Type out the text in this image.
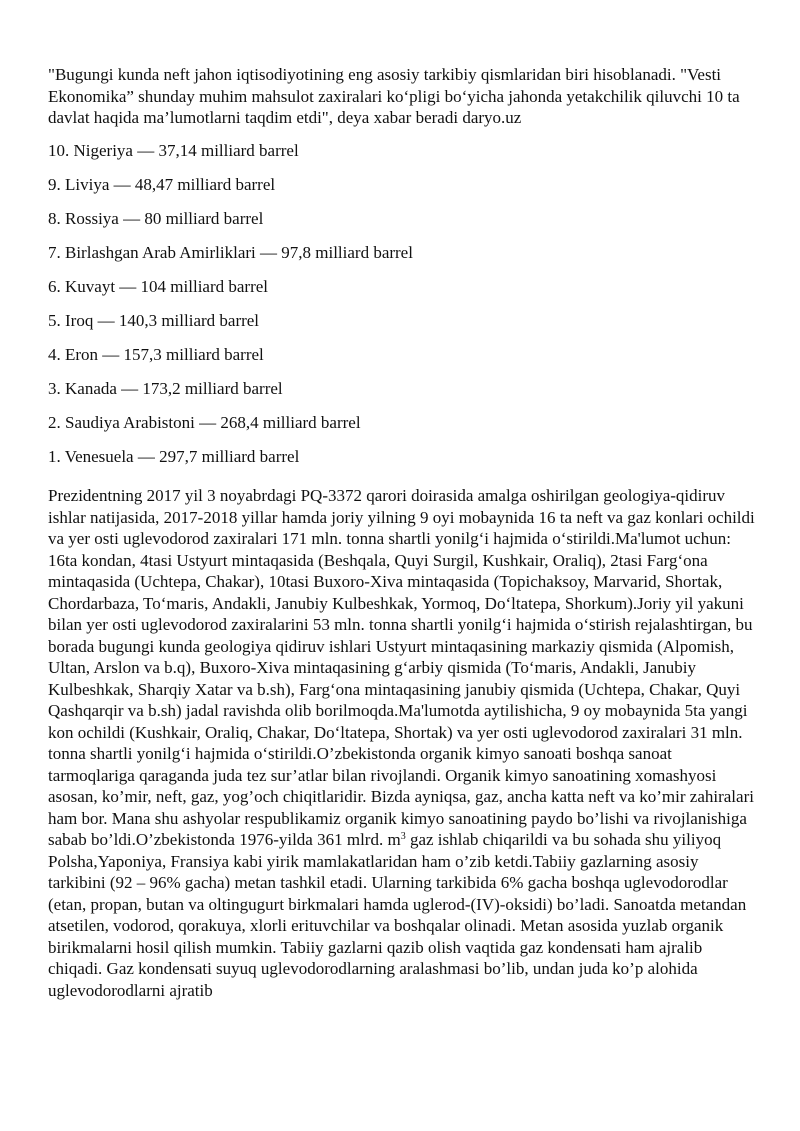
"Bugungi kunda neft jahon iqtisodiyotining eng asosiy tarkibiy qismlaridan biri hisoblanadi. "Vesti Ekonomika” shunday muhim mahsulot zaxiralari ko‘pligi bo‘yicha jahonda yetakchilik qiluvchi 10 ta davlat haqida ma’lumotlarni taqdim etdi", deya xabar beradi daryo.uz

10. Nigeriya — 37,14 milliard barrel
9. Liviya — 48,47 milliard barrel
8. Rossiya — 80 milliard barrel
7. Birlashgan Arab Amirliklari — 97,8 milliard barrel
6. Kuvayt — 104 milliard barrel
5. Iroq — 140,3 milliard barrel
4. Eron — 157,3 milliard barrel
3. Kanada — 173,2 milliard barrel
2. Saudiya Arabistoni — 268,4 milliard barrel
1. Venesuela — 297,7 milliard barrel

Prezidentning 2017 yil 3 noyabrdagi PQ-3372 qarori doirasida amalga oshirilgan geologiya-qidiruv ishlar natijasida, 2017-2018 yillar hamda joriy yilning 9 oyi mobaynida 16 ta neft va gaz konlari ochildi va yer osti uglevodorod zaxiralari 171 mln. tonna shartli yonilg‘i hajmida o‘stirildi.Ma'lumot uchun: 16ta kondan, 4tasi Ustyurt mintaqasida (Beshqala, Quyi Surgil, Kushkair, Oraliq), 2tasi Farg‘ona mintaqasida (Uchtepa, Chakar), 10tasi Buxoro-Xiva mintaqasida (Topichaksoy, Marvarid, Shortak, Chordarbaza, To‘maris, Andakli, Janubiy Kulbeshkak, Yormoq, Do‘ltatepa, Shorkum).Joriy yil yakuni bilan yer osti uglevodorod zaxiralarini 53 mln. tonna shartli yonilg‘i hajmida o‘stirish rejalashtirgan, bu borada bugungi kunda geologiya qidiruv ishlari Ustyurt mintaqasining markaziy qismida (Alpomish, Ultan, Arslon va b.q), Buxoro-Xiva mintaqasining g‘arbiy qismida (To‘maris, Andakli, Janubiy Kulbeshkak, Sharqiy Xatar va b.sh), Farg‘ona mintaqasining janubiy qismida (Uchtepa, Chakar, Quyi Qashqarqir va b.sh) jadal ravishda olib borilmoqda.Ma'lumotda aytilishicha, 9 oy mobaynida 5ta yangi kon ochildi (Kushkair, Oraliq, Chakar, Do‘ltatepa, Shortak) va yer osti uglevodorod zaxiralari 31 mln. tonna shartli yonilg‘i hajmida o‘stirildi.O’zbekistonda organik kimyo sanoati boshqa sanoat tarmoqlariga qaraganda juda tez sur’atlar bilan rivojlandi. Organik kimyo sanoatining xomashyosi asosan, ko’mir, neft, gaz, yog’och chiqitlaridir. Bizda ayniqsa, gaz, ancha katta neft va ko’mir zahiralari ham bor. Mana shu ashyolar respublikamiz organik kimyo sanoatining paydo bo’lishi va rivojlanishiga sabab bo’ldi.O’zbekistonda 1976-yilda 361 mlrd. $m^3$ gaz ishlab chiqarildi va bu sohada shu yiliyoq Polsha,Yaponiya, Fransiya kabi yirik mamlakatlaridan ham o’zib ketdi.Tabiiy gazlarning asosiy tarkibini (92 – 96% gacha) metan tashkil etadi. Ularning tarkibida 6% gacha boshqa uglevodorodlar (etan, propan, butan va oltingugurt birkmalari hamda uglerod-(IV)-oksidi) bo’ladi. Sanoatda metandan atsetilen, vodorod, qorakuya, xlorli erituvchilar va boshqalar olinadi. Metan asosida yuzlab organik birikmalarni hosil qilish mumkin. Tabiiy gazlarni qazib olish vaqtida gaz kondensati ham ajralib chiqadi. Gaz kondensati suyuq uglevodorodlarning aralashmasi bo’lib, undan juda ko’p alohida uglevodorodlarni ajratib
